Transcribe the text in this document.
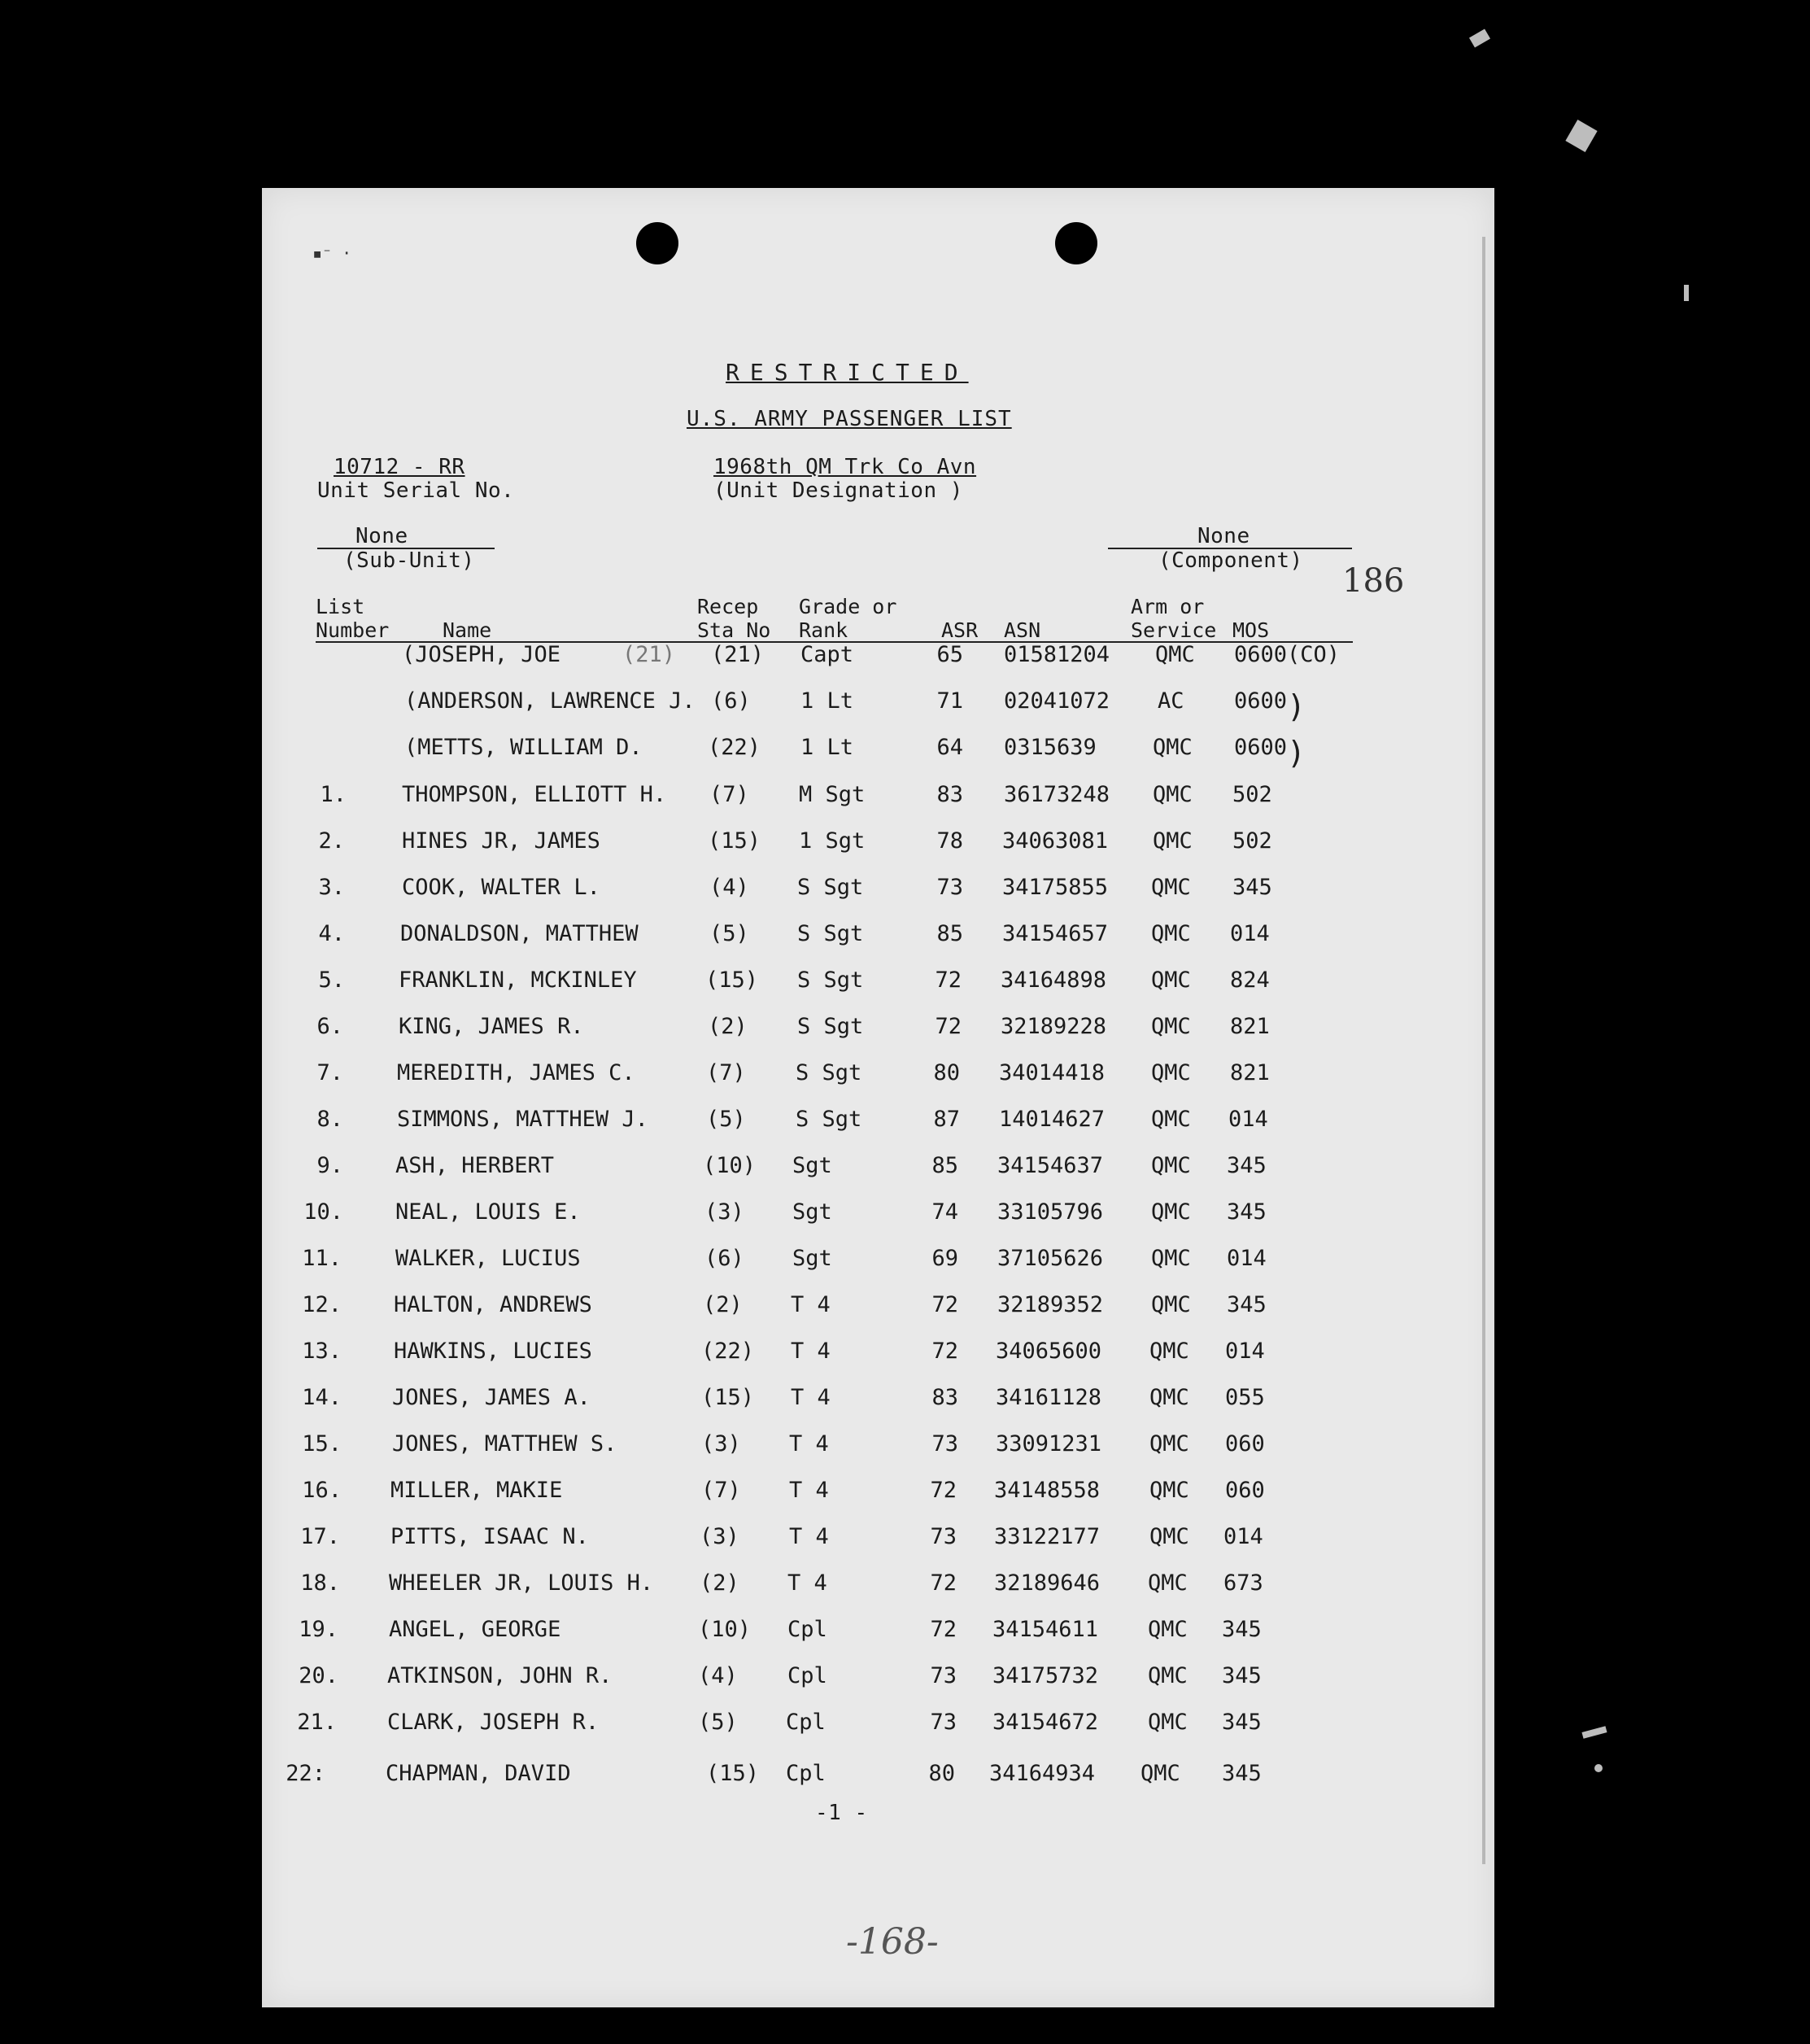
▪⁻ ·
RESTRICTED
U.S. ARMY PASSENGER LIST
10712 - RR
Unit Serial No.
1968th QM Trk Co Avn
(Unit Designation )
None
(Sub-Unit)
None
(Component)
186
List
Number	Name
Recep
Sta No
Grade or
Rank	ASR ASN
Arm or
Service MOS
(JOSEPH, JOE	(21) (21) Capt	65 01581204 QMC 0600(CO)
(ANDERSON, LAWRENCE J. (6) 1 Lt	71 02041072 AC 0600 )
(METTS, WILLIAM D.	(22) 1 Lt	64 0315639	QMC 0600 )
1.	THOMPSON, ELLIOTT H. (7) M Sgt	83 36173248 QMC 502
2.	HINES JR, JAMES	(15) 1 Sgt	78 34063081 QMC 502
3.	COOK, WALTER L.	(4) S Sgt	73 34175855 QMC 345
4.	DONALDSON, MATTHEW	(5) S Sgt	85 34154657 QMC 014
5. FRANKLIN, MCKINLEY	(15) S Sgt	72 34164898 QMC 824
6.	KING, JAMES R.	(2) S Sgt	72 32189228 QMC 821
7. MEREDITH, JAMES C.	(7) S Sgt	80 34014418 QMC 821
8. SIMMONS, MATTHEW J.	(5) S Sgt	87 14014627 QMC 014
9. ASH, HERBERT	(10) Sgt	85 34154637 QMC 345
10. NEAL, LOUIS E.	(3) Sgt	74 33105796 QMC 345
11. WALKER, LUCIUS	(6) Sgt	69 37105626 QMC 014
12. HALTON, ANDREWS	(2) T 4	72 32189352 QMC 345
13. HAWKINS, LUCIES	(22) T 4	72 34065600 QMC 014
14. JONES, JAMES A.	(15) T 4	83 34161128 QMC 055
15. JONES, MATTHEW S.	(3) T 4	73 33091231 QMC 060
16. MILLER, MAKIE	(7) T 4	72 34148558 QMC 060
17. PITTS, ISAAC N.	(3) T 4	73 33122177 QMC 014
18. WHEELER JR, LOUIS H. (2) T 4	72 32189646 QMC 673
19. ANGEL, GEORGE	(10) Cpl	72 34154611 QMC 345
20. ATKINSON, JOHN R.	(4) Cpl	73 34175732 QMC 345
21. CLARK, JOSEPH R.	(5) Cpl	73 34154672 QMC 345
22:	CHAPMAN, DAVID	(15) Cpl	80 34164934 QMC 345
-1 -
-168-
